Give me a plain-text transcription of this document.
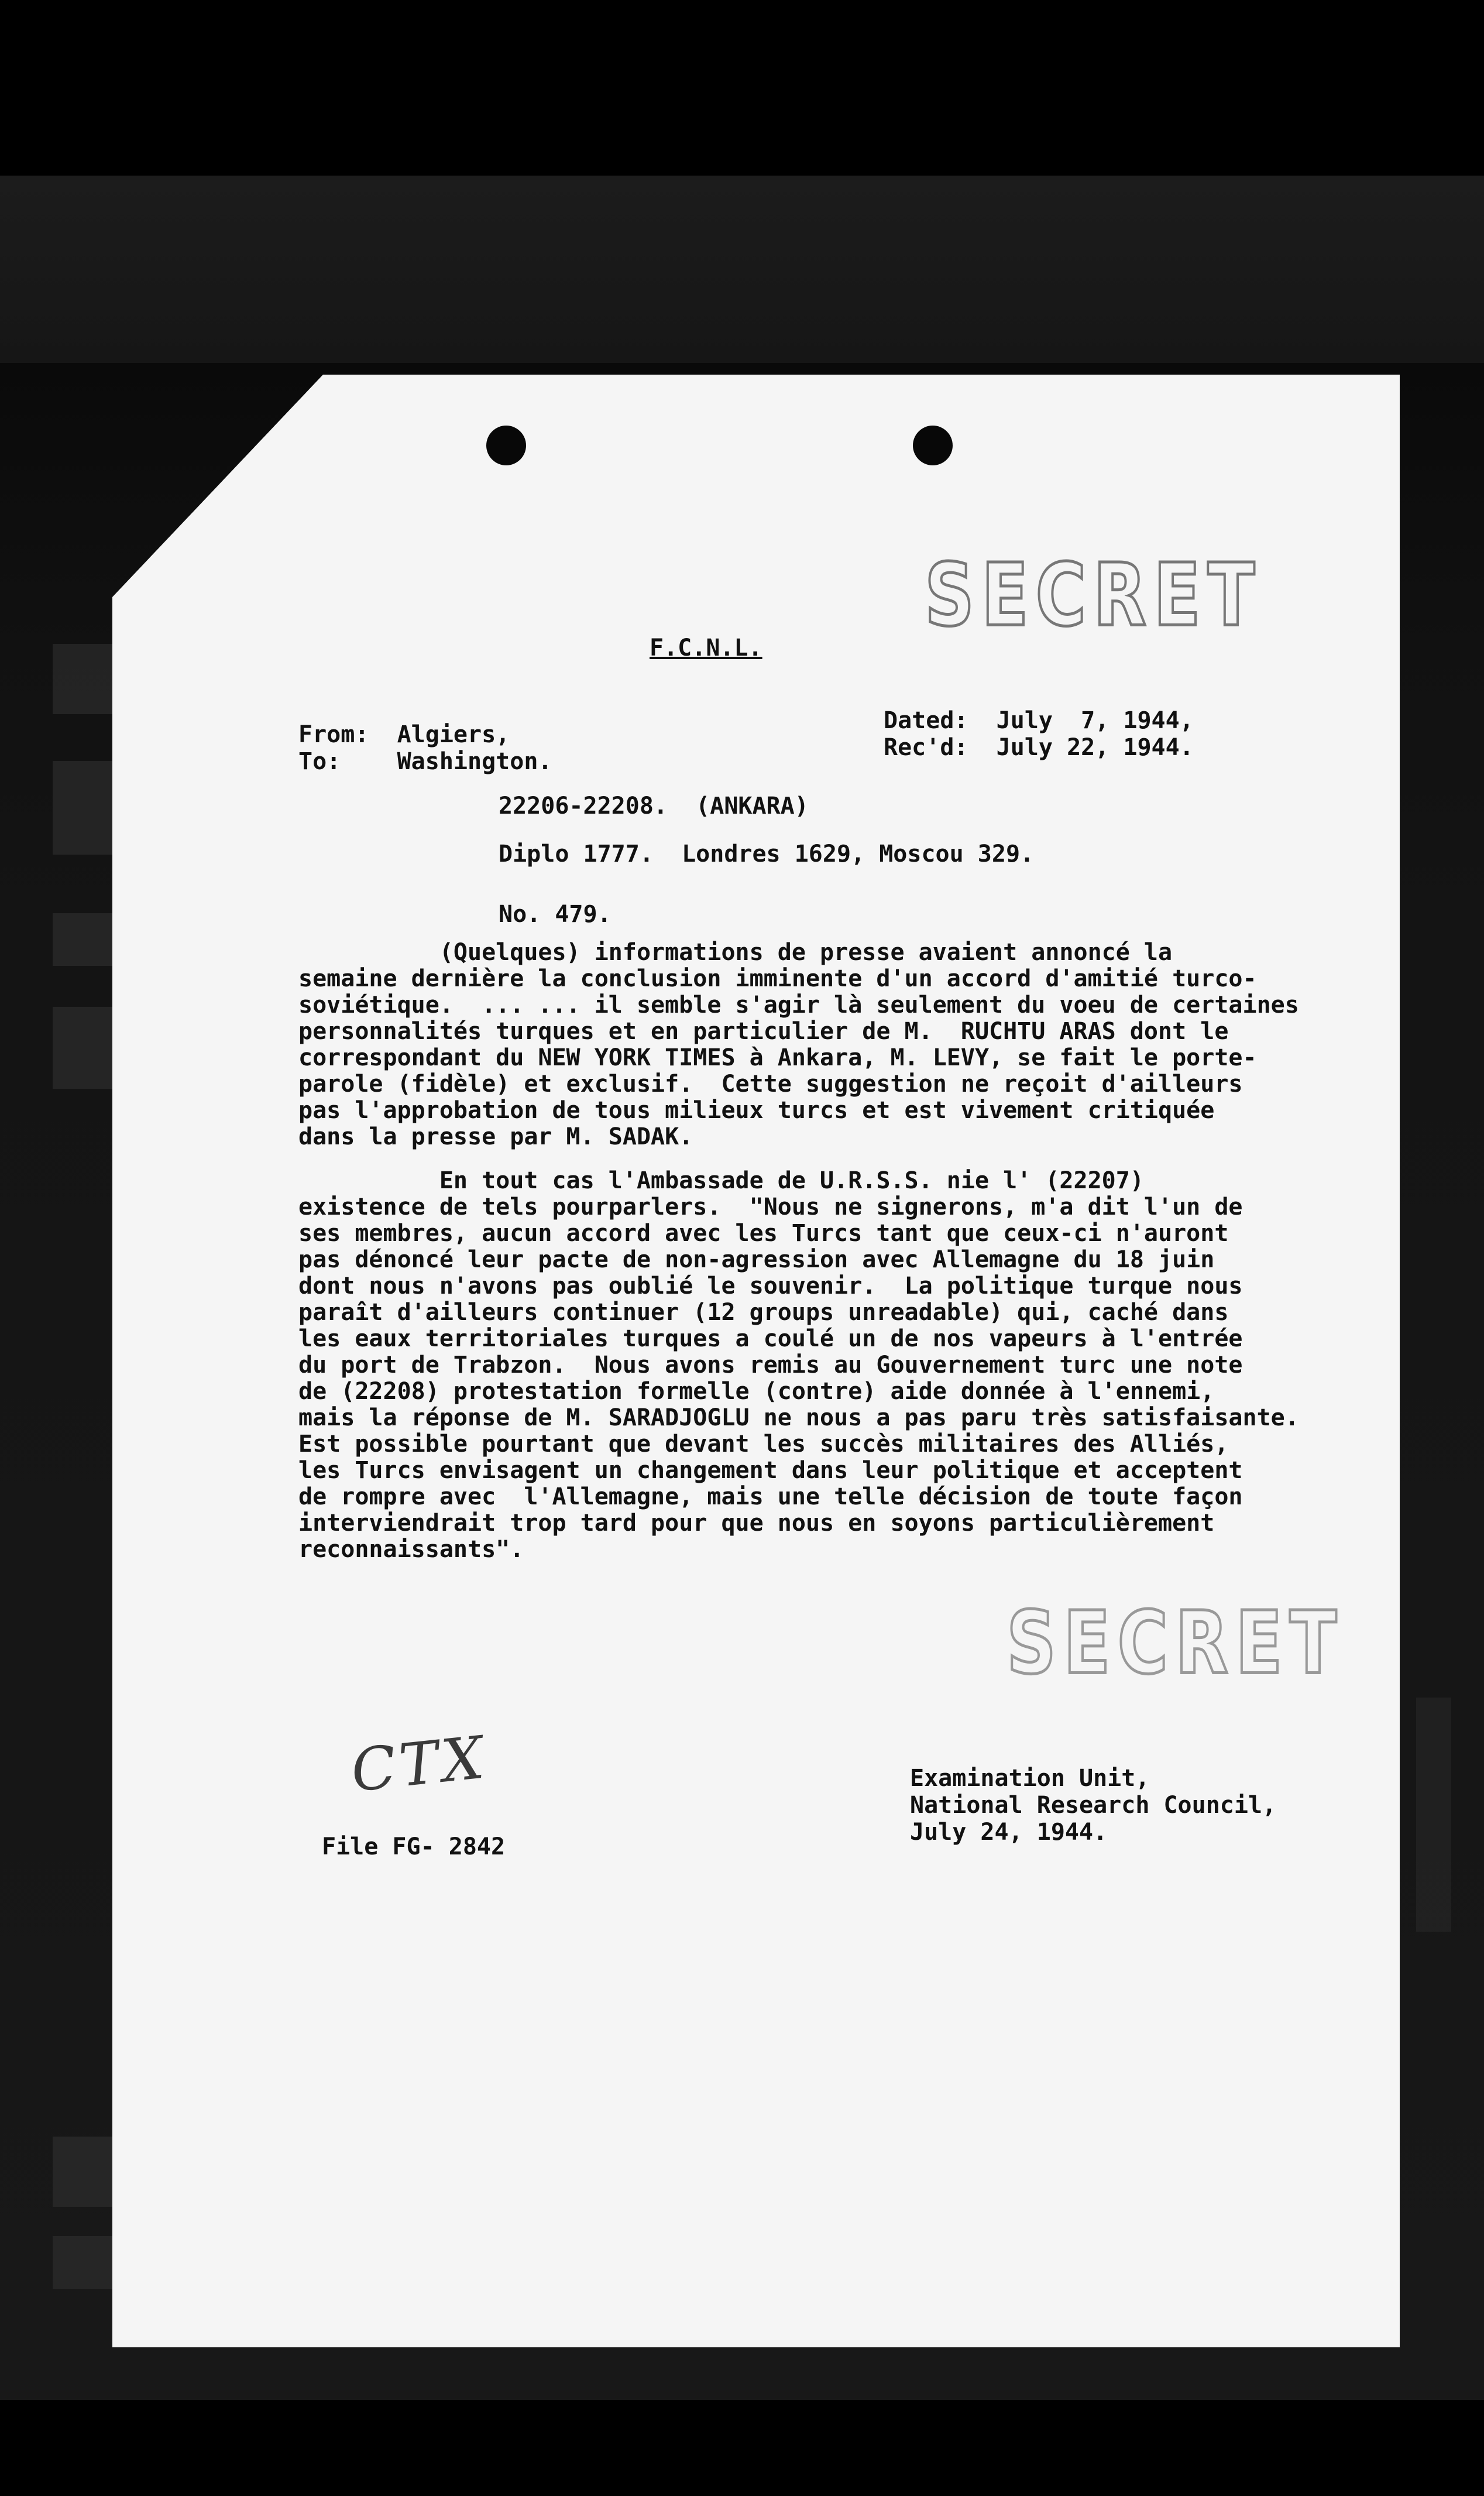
SECRET
SECRET
F.C.N.L.
From:  Algiers,
To:    Washington.
Dated:  July  7, 1944,
Rec'd:  July 22, 1944.
22206-22208.  (ANKARA)
Diplo 1777.  Londres 1629, Moscou 329.
No. 479.
(Quelques) informations de presse avaient annoncé la
semaine dernière la conclusion imminente d'un accord d'amitié turco-
soviétique.  ... ... il semble s'agir là seulement du voeu de certaines
personnalités turques et en particulier de M.  RUCHTU ARAS dont le
correspondant du NEW YORK TIMES à Ankara, M. LEVY, se fait le porte-
parole (fidèle) et exclusif.  Cette suggestion ne reçoit d'ailleurs
pas l'approbation de tous milieux turcs et est vivement critiquée
dans la presse par M. SADAK.
En tout cas l'Ambassade de U.R.S.S. nie l' (22207)
existence de tels pourparlers.  "Nous ne signerons, m'a dit l'un de
ses membres, aucun accord avec les Turcs tant que ceux-ci n'auront
pas dénoncé leur pacte de non-agression avec Allemagne du 18 juin
dont nous n'avons pas oublié le souvenir.  La politique turque nous
paraît d'ailleurs continuer (12 groups unreadable) qui, caché dans
les eaux territoriales turques a coulé un de nos vapeurs à l'entrée
du port de Trabzon.  Nous avons remis au Gouvernement turc une note
de (22208) protestation formelle (contre) aide donnée à l'ennemi,
mais la réponse de M. SARADJOGLU ne nous a pas paru très satisfaisante.
Est possible pourtant que devant les succès militaires des Alliés,
les Turcs envisagent un changement dans leur politique et acceptent
de rompre avec  l'Allemagne, mais une telle décision de toute façon
interviendrait trop tard pour que nous en soyons particulièrement
reconnaissants".
CTX	Examination Unit,
National Research Council,
July 24, 1944.
File FG- 2842
